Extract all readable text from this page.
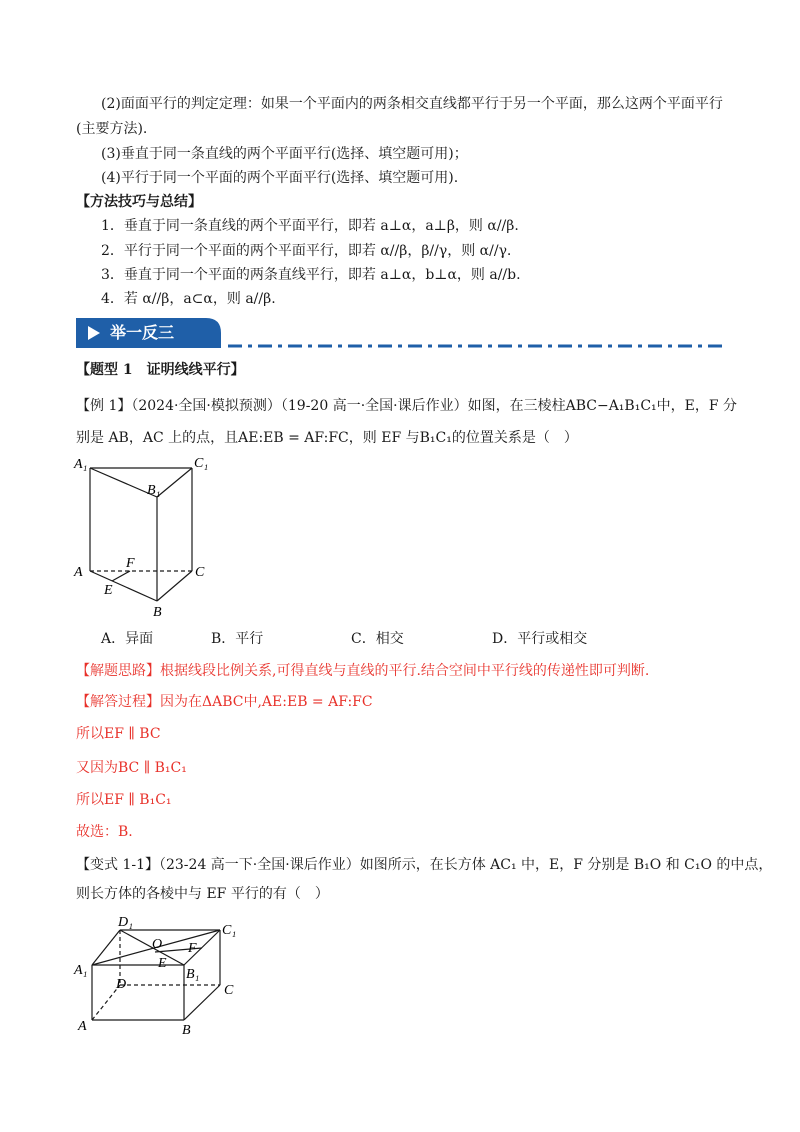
(2)面面平行的判定定理：如果一个平面内的两条相交直线都平行于另一个平面，那么这两个平面平行
(主要方法).
(3)垂直于同一条直线的两个平面平行(选择、填空题可用)；
(4)平行于同一个平面的两个平面平行(选择、填空题可用).
【方法技巧与总结】
1．垂直于同一条直线的两个平面平行，即若 a⊥α，a⊥β，则 α//β.
2．平行于同一个平面的两个平面平行，即若 α//β，β//γ，则 α//γ.
3．垂直于同一个平面的两条直线平行，即若 a⊥α，b⊥α，则 a//b.
4．若 α//β，a⊂α，则 a//β.
举一反三
【题型 1　证明线线平行】
【例 1】（2024·全国·模拟预测）（19-20 高一·全国·课后作业）如图，在三棱柱ABC−A₁B₁C₁中，E，F 分
别是 AB，AC 上的点，且AE:EB = AF:FC，则 EF 与B₁C₁的位置关系是（　）
A₁	C₁
B₁
F
A	C
E
B
A．异面	B．平行	C．相交	D．平行或相交
【解题思路】根据线段比例关系,可得直线与直线的平行.结合空间中平行线的传递性即可判断.
【解答过程】因为在ΔABC中,AE:EB = AF:FC
所以EF ∥ BC
又因为BC ∥ B₁C₁
所以EF ∥ B₁C₁
故选：B.
【变式 1-1】（23-24 高一下·全国·课后作业）如图所示，在长方体 AC₁ 中，E，F 分别是 B₁O 和 C₁O 的中点，
则长方体的各棱中与 EF 平行的有（　）
D₁
C₁
O F
A₁	E
B₁
D	C
A	B
